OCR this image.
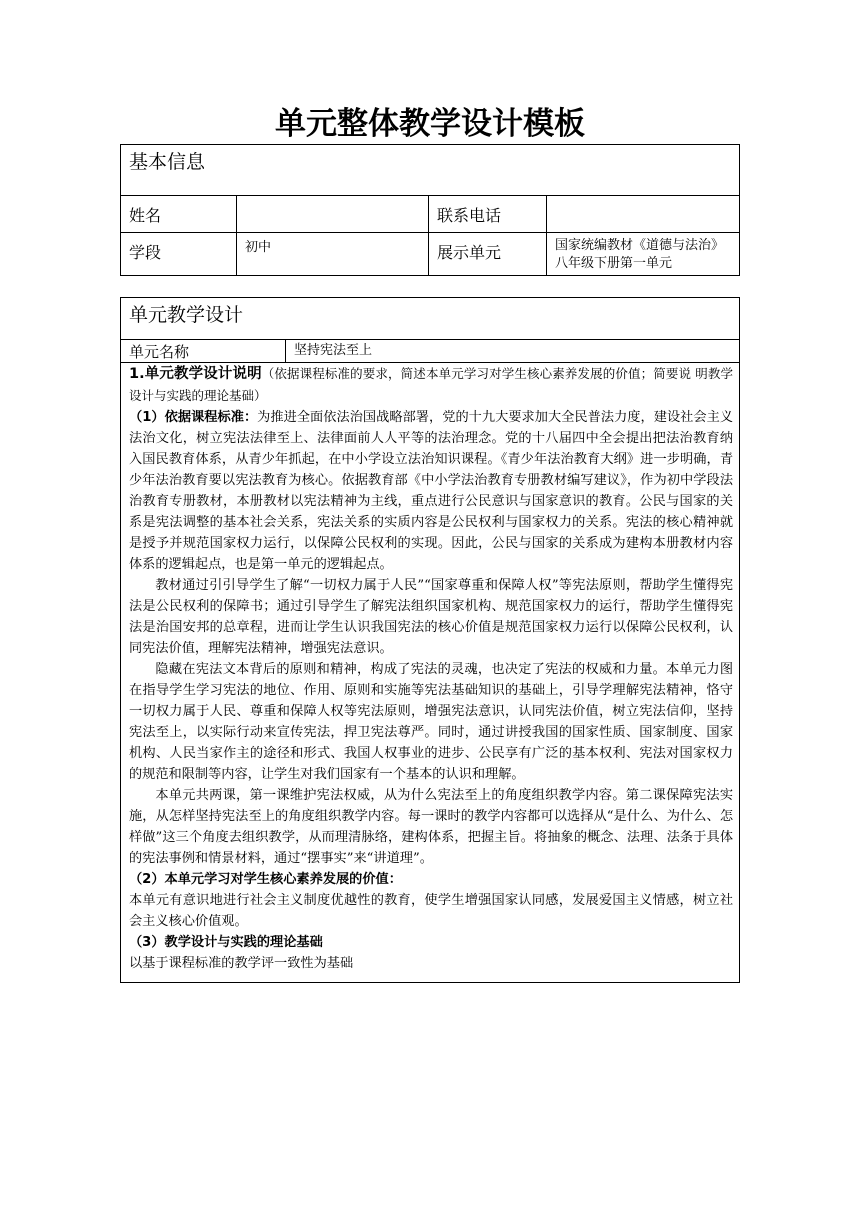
单元整体教学设计模板
基本信息			
姓名		联系电话	
学段	初中	展示单元	国家统编教材《道德与法治》八年级下册第一单元
单元教学设计
单元名称	坚持宪法至上

1.单元教学设计说明（依据课程标准的要求，简述本单元学习对学生核心素养发展的价值；简要说 明教学设计与实践的理论基础）

（1）依据课程标准：为推进全面依法治国战略部署，党的十九大要求加大全民普法力度，建设社会主义法治文化，树立宪法法律至上、法律面前人人平等的法治理念。党的十八届四中全会提出把法治教育纳入国民教育体系，从青少年抓起，在中小学设立法治知识课程。《青少年法治教育大纲》进一步明确，青少年法治教育要以宪法教育为核心。依据教育部《中小学法治教育专册教材编写建议》，作为初中学段法治教育专册教材，本册教材以宪法精神为主线，重点进行公民意识与国家意识的教育。公民与国家的关系是宪法调整的基本社会关系，宪法关系的实质内容是公民权利与国家权力的关系。宪法的核心精神就是授予并规范国家权力运行，以保障公民权利的实现。因此，公民与国家的关系成为建构本册教材内容体系的逻辑起点，也是第一单元的逻辑起点。

教材通过引引导学生了解“一切权力属于人民”“国家尊重和保障人权”等宪法原则，帮助学生懂得宪法是公民权利的保障书；通过引导学生了解宪法组织国家机构、规范国家权力的运行，帮助学生懂得宪法是治国安邦的总章程，进而让学生认识我国宪法的核心价值是规范国家权力运行以保障公民权利，认同宪法价值，理解宪法精神，增强宪法意识。

隐藏在宪法文本背后的原则和精神，构成了宪法的灵魂，也决定了宪法的权威和力量。本单元力图在指导学生学习宪法的地位、作用、原则和实施等宪法基础知识的基础上，引导学理解宪法精神，恪守一切权力属于人民、尊重和保障人权等宪法原则，增强宪法意识，认同宪法价值，树立宪法信仰，坚持宪法至上，以实际行动来宣传宪法，捍卫宪法尊严。同时，通过讲授我国的国家性质、国家制度、国家机构、人民当家作主的途径和形式、我国人权事业的进步、公民享有广泛的基本权利、宪法对国家权力的规范和限制等内容，让学生对我们国家有一个基本的认识和理解。

本单元共两课，第一课维护宪法权威，从为什么宪法至上的角度组织教学内容。第二课保障宪法实施，从怎样坚持宪法至上的角度组织教学内容。每一课时的教学内容都可以选择从“是什么、为什么、怎样做”这三个角度去组织教学，从而理清脉络，建构体系，把握主旨。将抽象的概念、法理、法条于具体的宪法事例和情景材料，通过“摆事实”来“讲道理”。

（2）本单元学习对学生核心素养发展的价值：

本单元有意识地进行社会主义制度优越性的教育，使学生增强国家认同感，发展爱国主义情感，树立社会主义核心价值观。

（3）教学设计与实践的理论基础

以基于课程标准的教学评一致性为基础
